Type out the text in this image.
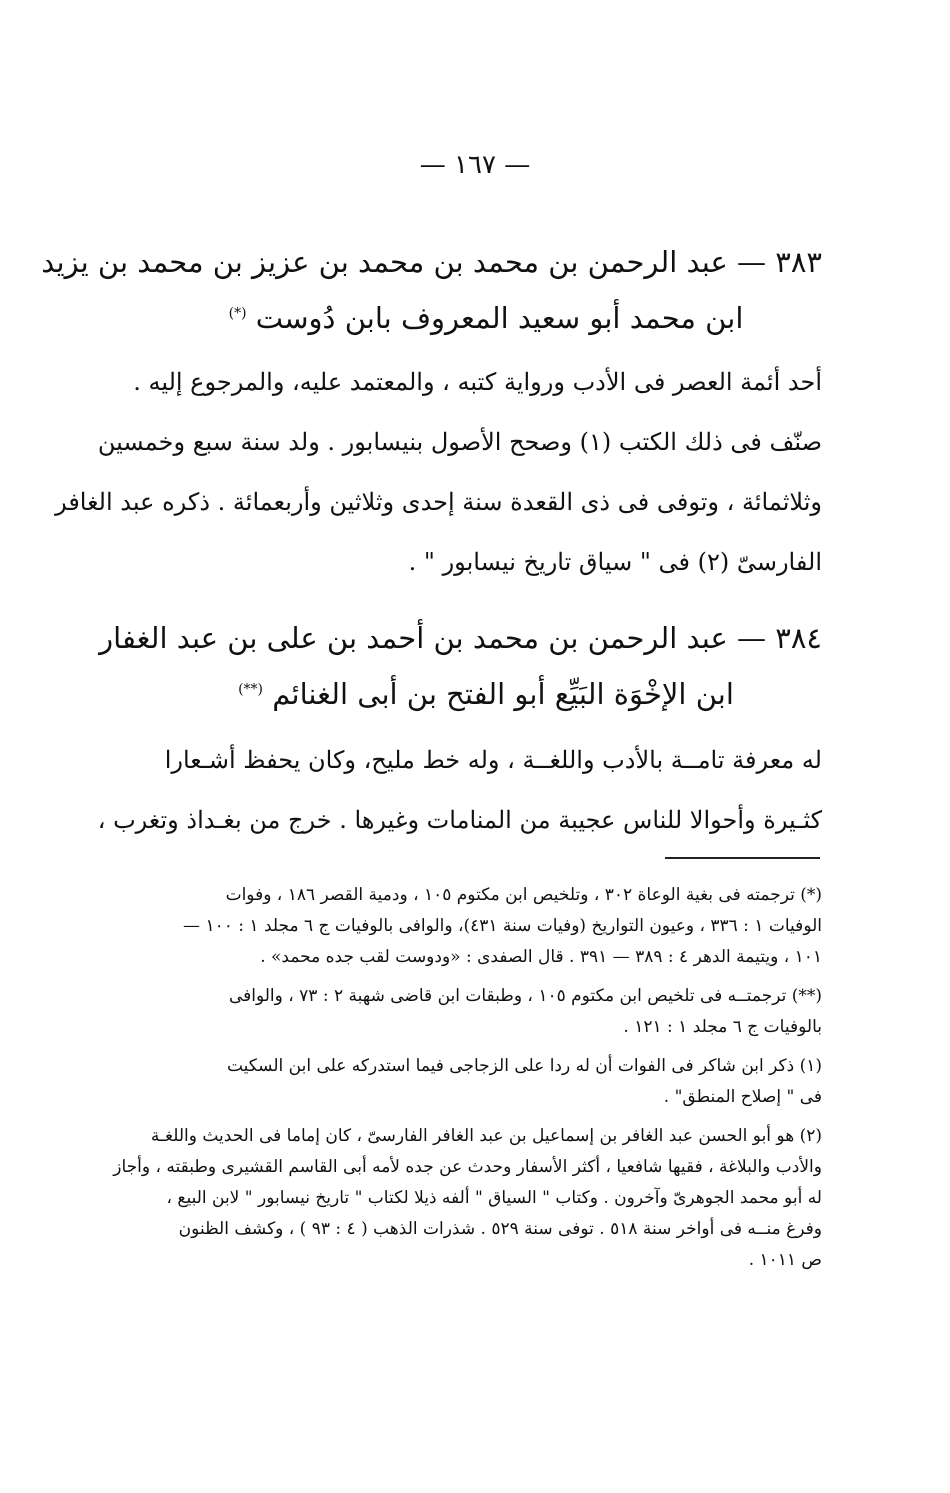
— ١٦٧ —
٣٨٣ — عبد الرحمن بن محمد بن محمد بن عزيز بن محمد بن يزيد
ابن محمد أبو سعيد المعروف بابن دُوست (*)
أحد أئمة العصر فى الأدب ورواية كتبه ، والمعتمد عليه، والمرجوع إليه .
صنّف فى ذلك الكتب (١) وصحح الأصول بنيسابور . ولد سنة سبع وخمسين
وثلاثمائة ، وتوفى فى ذى القعدة سنة إحدى وثلاثين وأربعمائة . ذكره عبد الغافر
الفارسىّ (٢) فى " سياق تاريخ نيسابور " .
٣٨٤ — عبد الرحمن بن محمد بن أحمد بن على بن عبد الغفار
ابن الإخْوَة البَيِّع أبو الفتح بن أبى الغنائم (**)
له معرفة تامــة بالأدب واللغــة ، وله خط مليح، وكان يحفظ أشـعارا
كثـيرة وأحوالا للناس عجيبة من المنامات وغيرها . خرج من بغـداذ وتغرب ،
(*) ترجمته فى بغية الوعاة ٣٠٢ ، وتلخيص ابن مكتوم ١٠٥ ، ودمية القصر ١٨٦ ، وفوات
الوفيات ١ : ٣٣٦ ، وعيون التواريخ (وفيات سنة ٤٣١)، والوافى بالوفيات ج ٦ مجلد ١ : ١٠٠ —
١٠١ ، ويتيمة الدهر ٤ : ٣٨٩ — ٣٩١ . قال الصفدى : «ودوست لقب جده محمد» .
(**) ترجمتــه فى تلخيص ابن مكتوم ١٠٥ ، وطبقات ابن قاضى شهبة ٢ : ٧٣ ، والوافى
بالوفيات ج ٦ مجلد ١ : ١٢١ .
(١) ذكر ابن شاكر فى الفوات أن له ردا على الزجاجى فيما استدركه على ابن السكيت
فى " إصلاح المنطق" .
(٢) هو أبو الحسن عبد الغافر بن إسماعيل بن عبد الغافر الفارسىّ ، كان إماما فى الحديث واللغـة
والأدب والبلاغة ، فقيها شافعيا ، أكثر الأسفار وحدث عن جده لأمه أبى القاسم القشيرى وطبقته ، وأجاز
له أبو محمد الجوهرىّ وآخرون . وكتاب " السياق " ألفه ذيلا لكتاب " تاريخ نيسابور " لابن البيع ،
وفرغ منــه فى أواخر سنة ٥١٨ . توفى سنة ٥٢٩ . شذرات الذهب ( ٤ : ٩٣ ) ، وكشف الظنون
ص ١٠١١ .
